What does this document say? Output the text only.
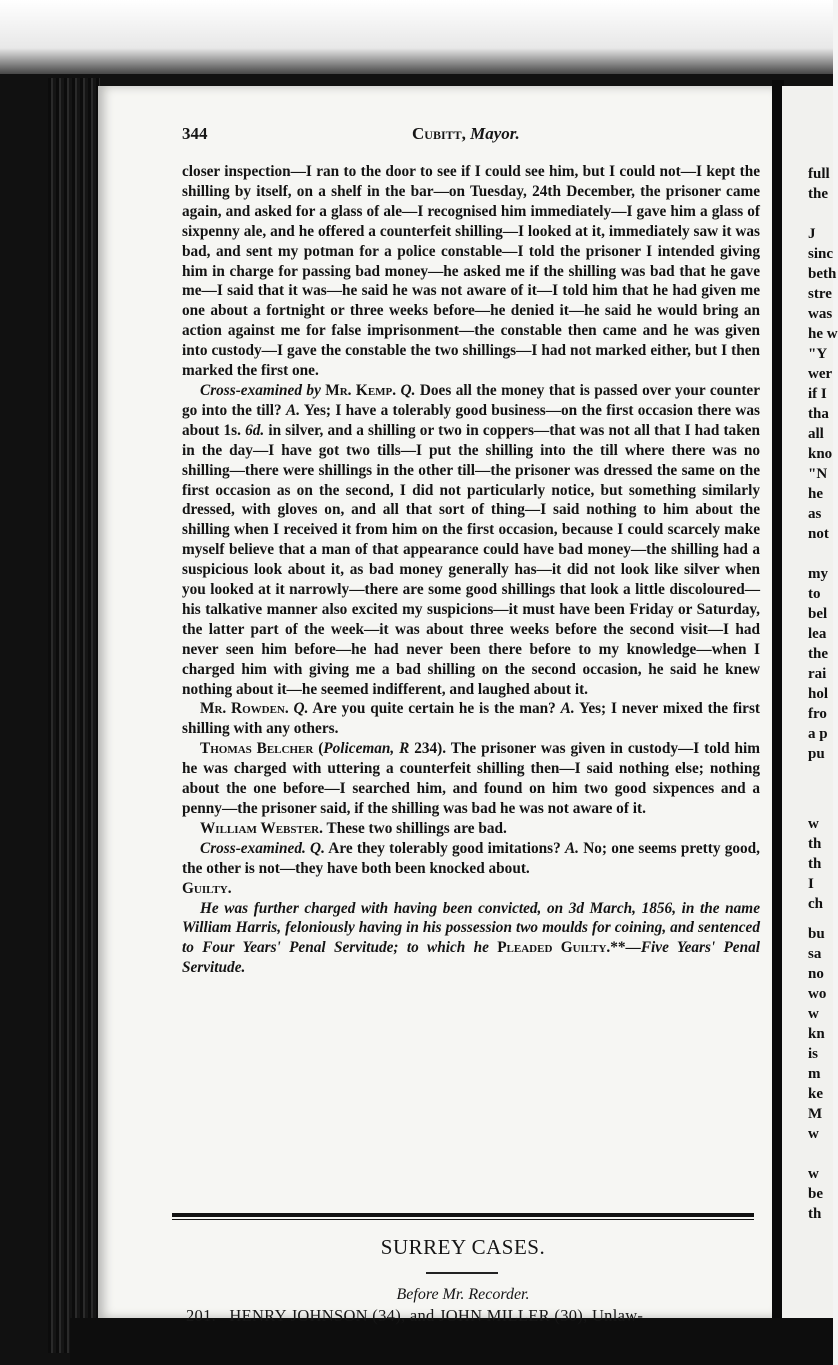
full
the
J
sinc
beth
stre
was
he w
"Y
wer
if I
tha
all
kno
"N
he
as
not
my
to
bel
lea
the
rai
hol
fro
a p
pu
w
th
th
I
ch
bu
sa
no
wo
w
kn
is
m
ke
M
w
w
be
th
344	Cubitt, Mayor.

closer inspection—I ran to the door to see if I could see him, but I could not—I kept the shilling by itself, on a shelf in the bar—on Tuesday, 24th December, the prisoner came again, and asked for a glass of ale—I recognised him immediately—I gave him a glass of sixpenny ale, and he offered a counterfeit shilling—I looked at it, immediately saw it was bad, and sent my potman for a police constable—I told the prisoner I intended giving him in charge for passing bad money—he asked me if the shilling was bad that he gave me—I said that it was—he said he was not aware of it—I told him that he had given me one about a fortnight or three weeks before—he denied it—he said he would bring an action against me for false imprisonment—the constable then came and he was given into custody—I gave the constable the two shillings—I had not marked either, but I then marked the first one.

Cross-examined by Mr. Kemp. Q. Does all the money that is passed over your counter go into the till? A. Yes; I have a tolerably good business—on the first occasion there was about 1s. 6d. in silver, and a shilling or two in coppers—that was not all that I had taken in the day—I have got two tills—I put the shilling into the till where there was no shilling—there were shillings in the other till—the prisoner was dressed the same on the first occasion as on the second, I did not particularly notice, but something similarly dressed, with gloves on, and all that sort of thing—I said nothing to him about the shilling when I received it from him on the first occasion, because I could scarcely make myself believe that a man of that appearance could have bad money—the shilling had a suspicious look about it, as bad money generally has—it did not look like silver when you looked at it narrowly—there are some good shillings that look a little discoloured—his talkative manner also excited my suspicions—it must have been Friday or Saturday, the latter part of the week—it was about three weeks before the second visit—I had never seen him before—he had never been there before to my knowledge—when I charged him with giving me a bad shilling on the second occasion, he said he knew nothing about it—he seemed indifferent, and laughed about it.

Mr. Rowden. Q. Are you quite certain he is the man? A. Yes; I never mixed the first shilling with any others.

Thomas Belcher (Policeman, R 234). The prisoner was given in custody—I told him he was charged with uttering a counterfeit shilling then—I said nothing else; nothing about the one before—I searched him, and found on him two good sixpences and a penny—the prisoner said, if the shilling was bad he was not aware of it.

William Webster. These two shillings are bad.

Cross-examined. Q. Are they tolerably good imitations? A. No; one seems pretty good, the other is not—they have both been knocked about.

Guilty.

He was further charged with having been convicted, on 3d March, 1856, in the name William Harris, feloniously having in his possession two moulds for coining, and sentenced to Four Years' Penal Servitude; to which he Pleaded Guilty.**—Five Years' Penal Servitude.

SURREY CASES.
Before Mr. Recorder.
201. HENRY JOHNSON (34), and JOHN MILLER (30), Unlaw-
